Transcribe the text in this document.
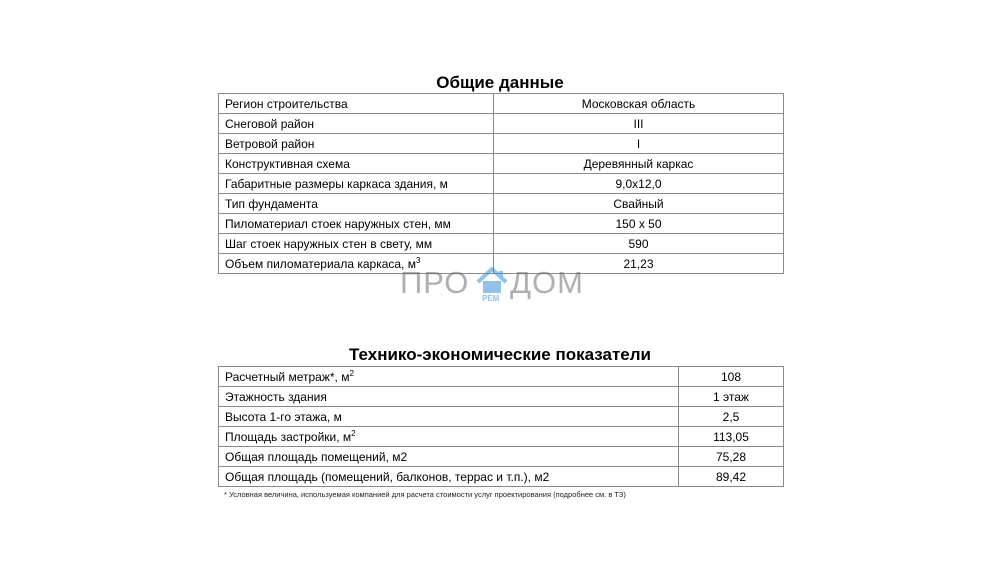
Общие данные
Регион строительства	Московская область
Снеговой район	III
Ветровой район	I
Конструктивная схема	Деревянный каркас
Габаритные размеры каркаса здания, м	9,0х12,0
Тип фундамента	Свайный
Пиломатериал стоек наружных стен, мм	150 х 50
Шаг стоек наружных стен в свету, мм	590
Объем пиломатериала каркаса, $м^3$	21,23
ПРО РЕМ ДОМ
Технико-экономические показатели
Расчетный метраж*, $м^2$	108
Этажность здания	1 этаж
Высота 1-го этажа, м	2,5
Площадь застройки, $м^2$	113,05
Общая площадь помещений, м2	75,28
Общая площадь (помещений, балконов, террас и т.п.), м2	89,42
* Условная величина, используемая компанией для расчета стоимости услуг проектирования (подробнее см. в ТЗ)
